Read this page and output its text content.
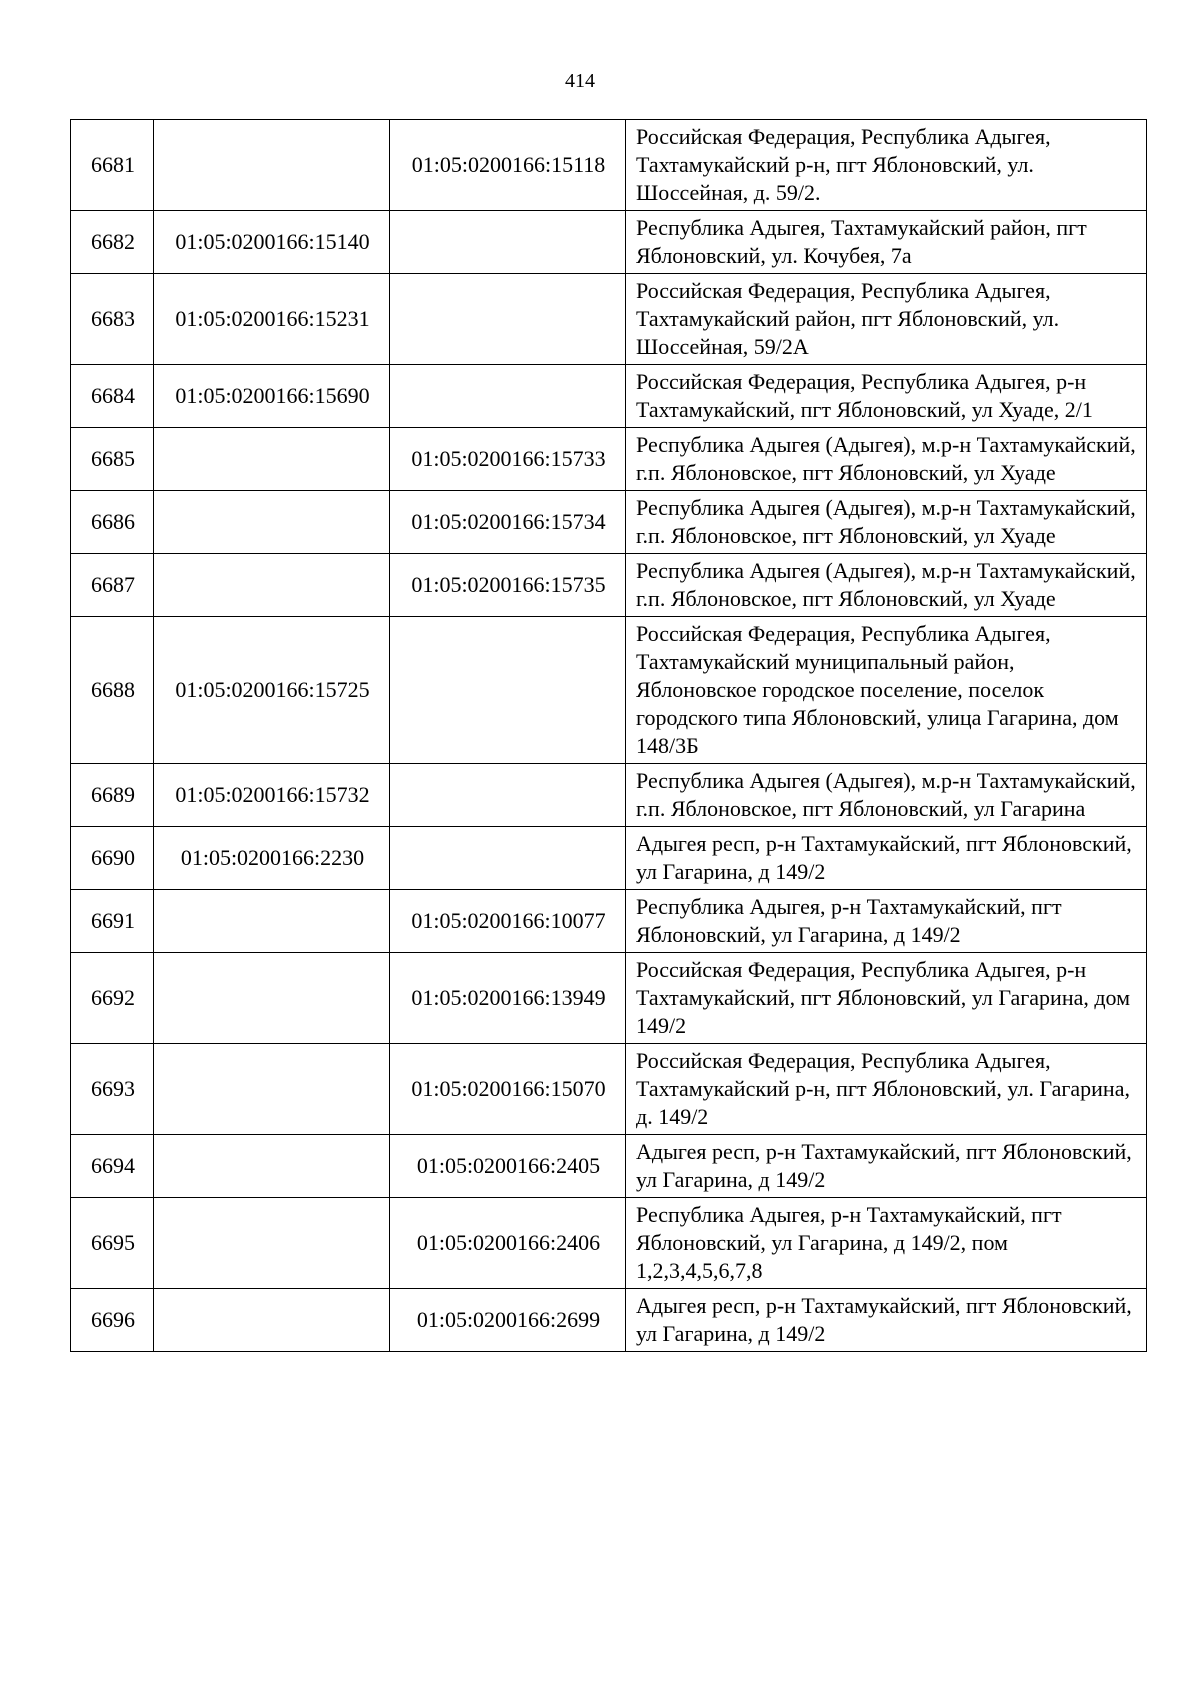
414
6681		01:05:0200166:15118	Российская Федерация, Республика Адыгея, Тахтамукайский р-н, пгт Яблоновский, ул. Шоссейная, д. 59/2.
6682	01:05:0200166:15140		Республика Адыгея, Тахтамукайский район, пгт Яблоновский, ул. Кочубея, 7а
6683	01:05:0200166:15231		Российская Федерация, Республика Адыгея, Тахтамукайский район, пгт Яблоновский, ул. Шоссейная, 59/2А
6684	01:05:0200166:15690		Российская Федерация, Республика Адыгея, р-н Тахтамукайский, пгт Яблоновский, ул Хуаде, 2/1
6685		01:05:0200166:15733	Республика Адыгея (Адыгея), м.р-н Тахтамукайский, г.п. Яблоновское, пгт Яблоновский, ул Хуаде
6686		01:05:0200166:15734	Республика Адыгея (Адыгея), м.р-н Тахтамукайский, г.п. Яблоновское, пгт Яблоновский, ул Хуаде
6687		01:05:0200166:15735	Республика Адыгея (Адыгея), м.р-н Тахтамукайский, г.п. Яблоновское, пгт Яблоновский, ул Хуаде
6688	01:05:0200166:15725		Российская Федерация, Республика Адыгея, Тахтамукайский муниципальный район, Яблоновское городское поселение, поселок городского типа Яблоновский, улица Гагарина, дом 148/3Б
6689	01:05:0200166:15732		Республика Адыгея (Адыгея), м.р-н Тахтамукайский, г.п. Яблоновское, пгт Яблоновский, ул Гагарина
6690	01:05:0200166:2230		Адыгея респ, р-н Тахтамукайский, пгт Яблоновский, ул Гагарина, д 149/2
6691		01:05:0200166:10077	Республика Адыгея, р-н Тахтамукайский, пгт Яблоновский, ул Гагарина, д 149/2
6692		01:05:0200166:13949	Российская Федерация, Республика Адыгея, р-н Тахтамукайский, пгт Яблоновский, ул Гагарина, дом 149/2
6693		01:05:0200166:15070	Российская Федерация, Республика Адыгея, Тахтамукайский р-н, пгт Яблоновский, ул. Гагарина, д. 149/2
6694		01:05:0200166:2405	Адыгея респ, р-н Тахтамукайский, пгт Яблоновский, ул Гагарина, д 149/2
6695		01:05:0200166:2406	Республика Адыгея, р-н Тахтамукайский, пгт Яблоновский, ул Гагарина, д 149/2, пом 1,2,3,4,5,6,7,8
6696		01:05:0200166:2699	Адыгея респ, р-н Тахтамукайский, пгт Яблоновский, ул Гагарина, д 149/2
